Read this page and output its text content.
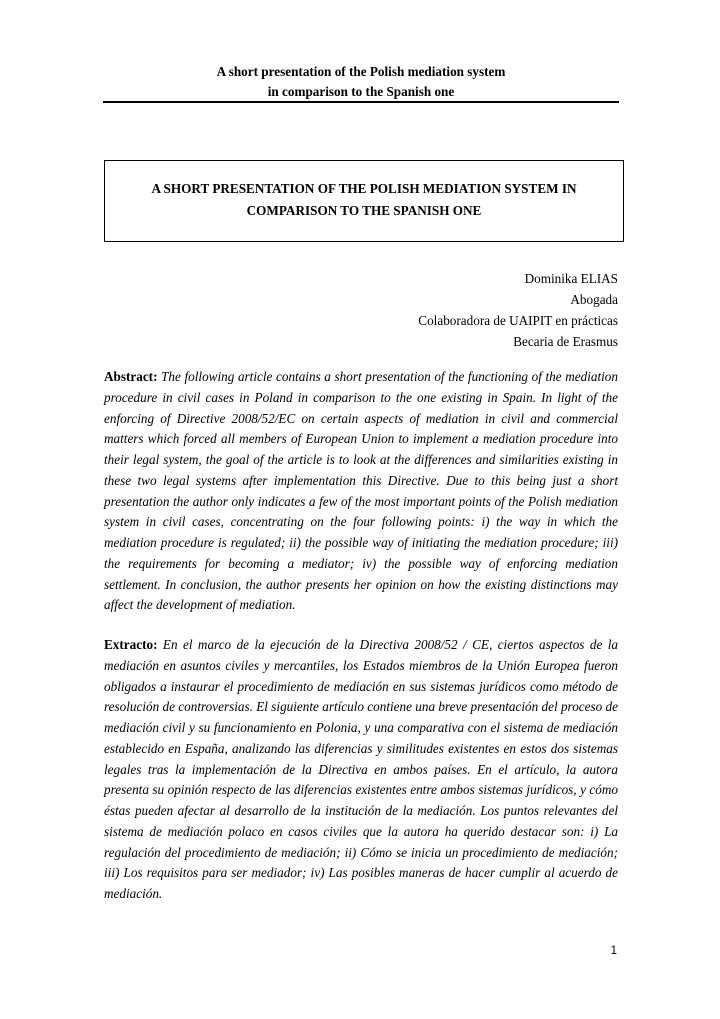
A short presentation of the Polish mediation system
in comparison to the Spanish one
A SHORT PRESENTATION OF THE POLISH MEDIATION SYSTEM IN
COMPARISON TO THE SPANISH ONE
Dominika ELIAS
Abogada
Colaboradora de UAIPIT en prácticas
Becaria de Erasmus

Abstract: The following article contains a short presentation of the functioning of the mediation procedure in civil cases in Poland in comparison to the one existing in Spain. In light of the enforcing of Directive 2008/52/EC on certain aspects of mediation in civil and commercial matters which forced all members of European Union to implement a mediation procedure into their legal system, the goal of the article is to look at the differences and similarities existing in these two legal systems after implementation this Directive. Due to this being just a short presentation the author only indicates a few of the most important points of the Polish mediation system in civil cases, concentrating on the four following points: i) the way in which the mediation procedure is regulated; ii) the possible way of initiating the mediation procedure; iii) the requirements for becoming a mediator; iv) the possible way of enforcing mediation settlement. In conclusion, the author presents her opinion on how the existing distinctions may affect the development of mediation.

Extracto: En el marco de la ejecución de la Directiva 2008/52 / CE, ciertos aspectos de la mediación en asuntos civiles y mercantiles, los Estados miembros de la Unión Europea fueron obligados a instaurar el procedimiento de mediación en sus sistemas jurídicos como método de resolución de controversias. El siguiente artículo contiene una breve presentación del proceso de mediación civil y su funcionamiento en Polonia, y una comparativa con el sistema de mediación establecido en España, analizando las diferencias y similitudes existentes en estos dos sistemas legales tras la implementación de la Directiva en ambos países. En el artículo, la autora presenta su opinión respecto de las diferencias existentes entre ambos sistemas jurídicos, y cómo éstas pueden afectar al desarrollo de la institución de la mediación. Los puntos relevantes del sistema de mediación polaco en casos civiles que la autora ha querido destacar son: i) La regulación del procedimiento de mediación; ii) Cómo se inicia un procedimiento de mediación; iii) Los requisitos para ser mediador; iv) Las posibles maneras de hacer cumplir al acuerdo de mediación.

1
